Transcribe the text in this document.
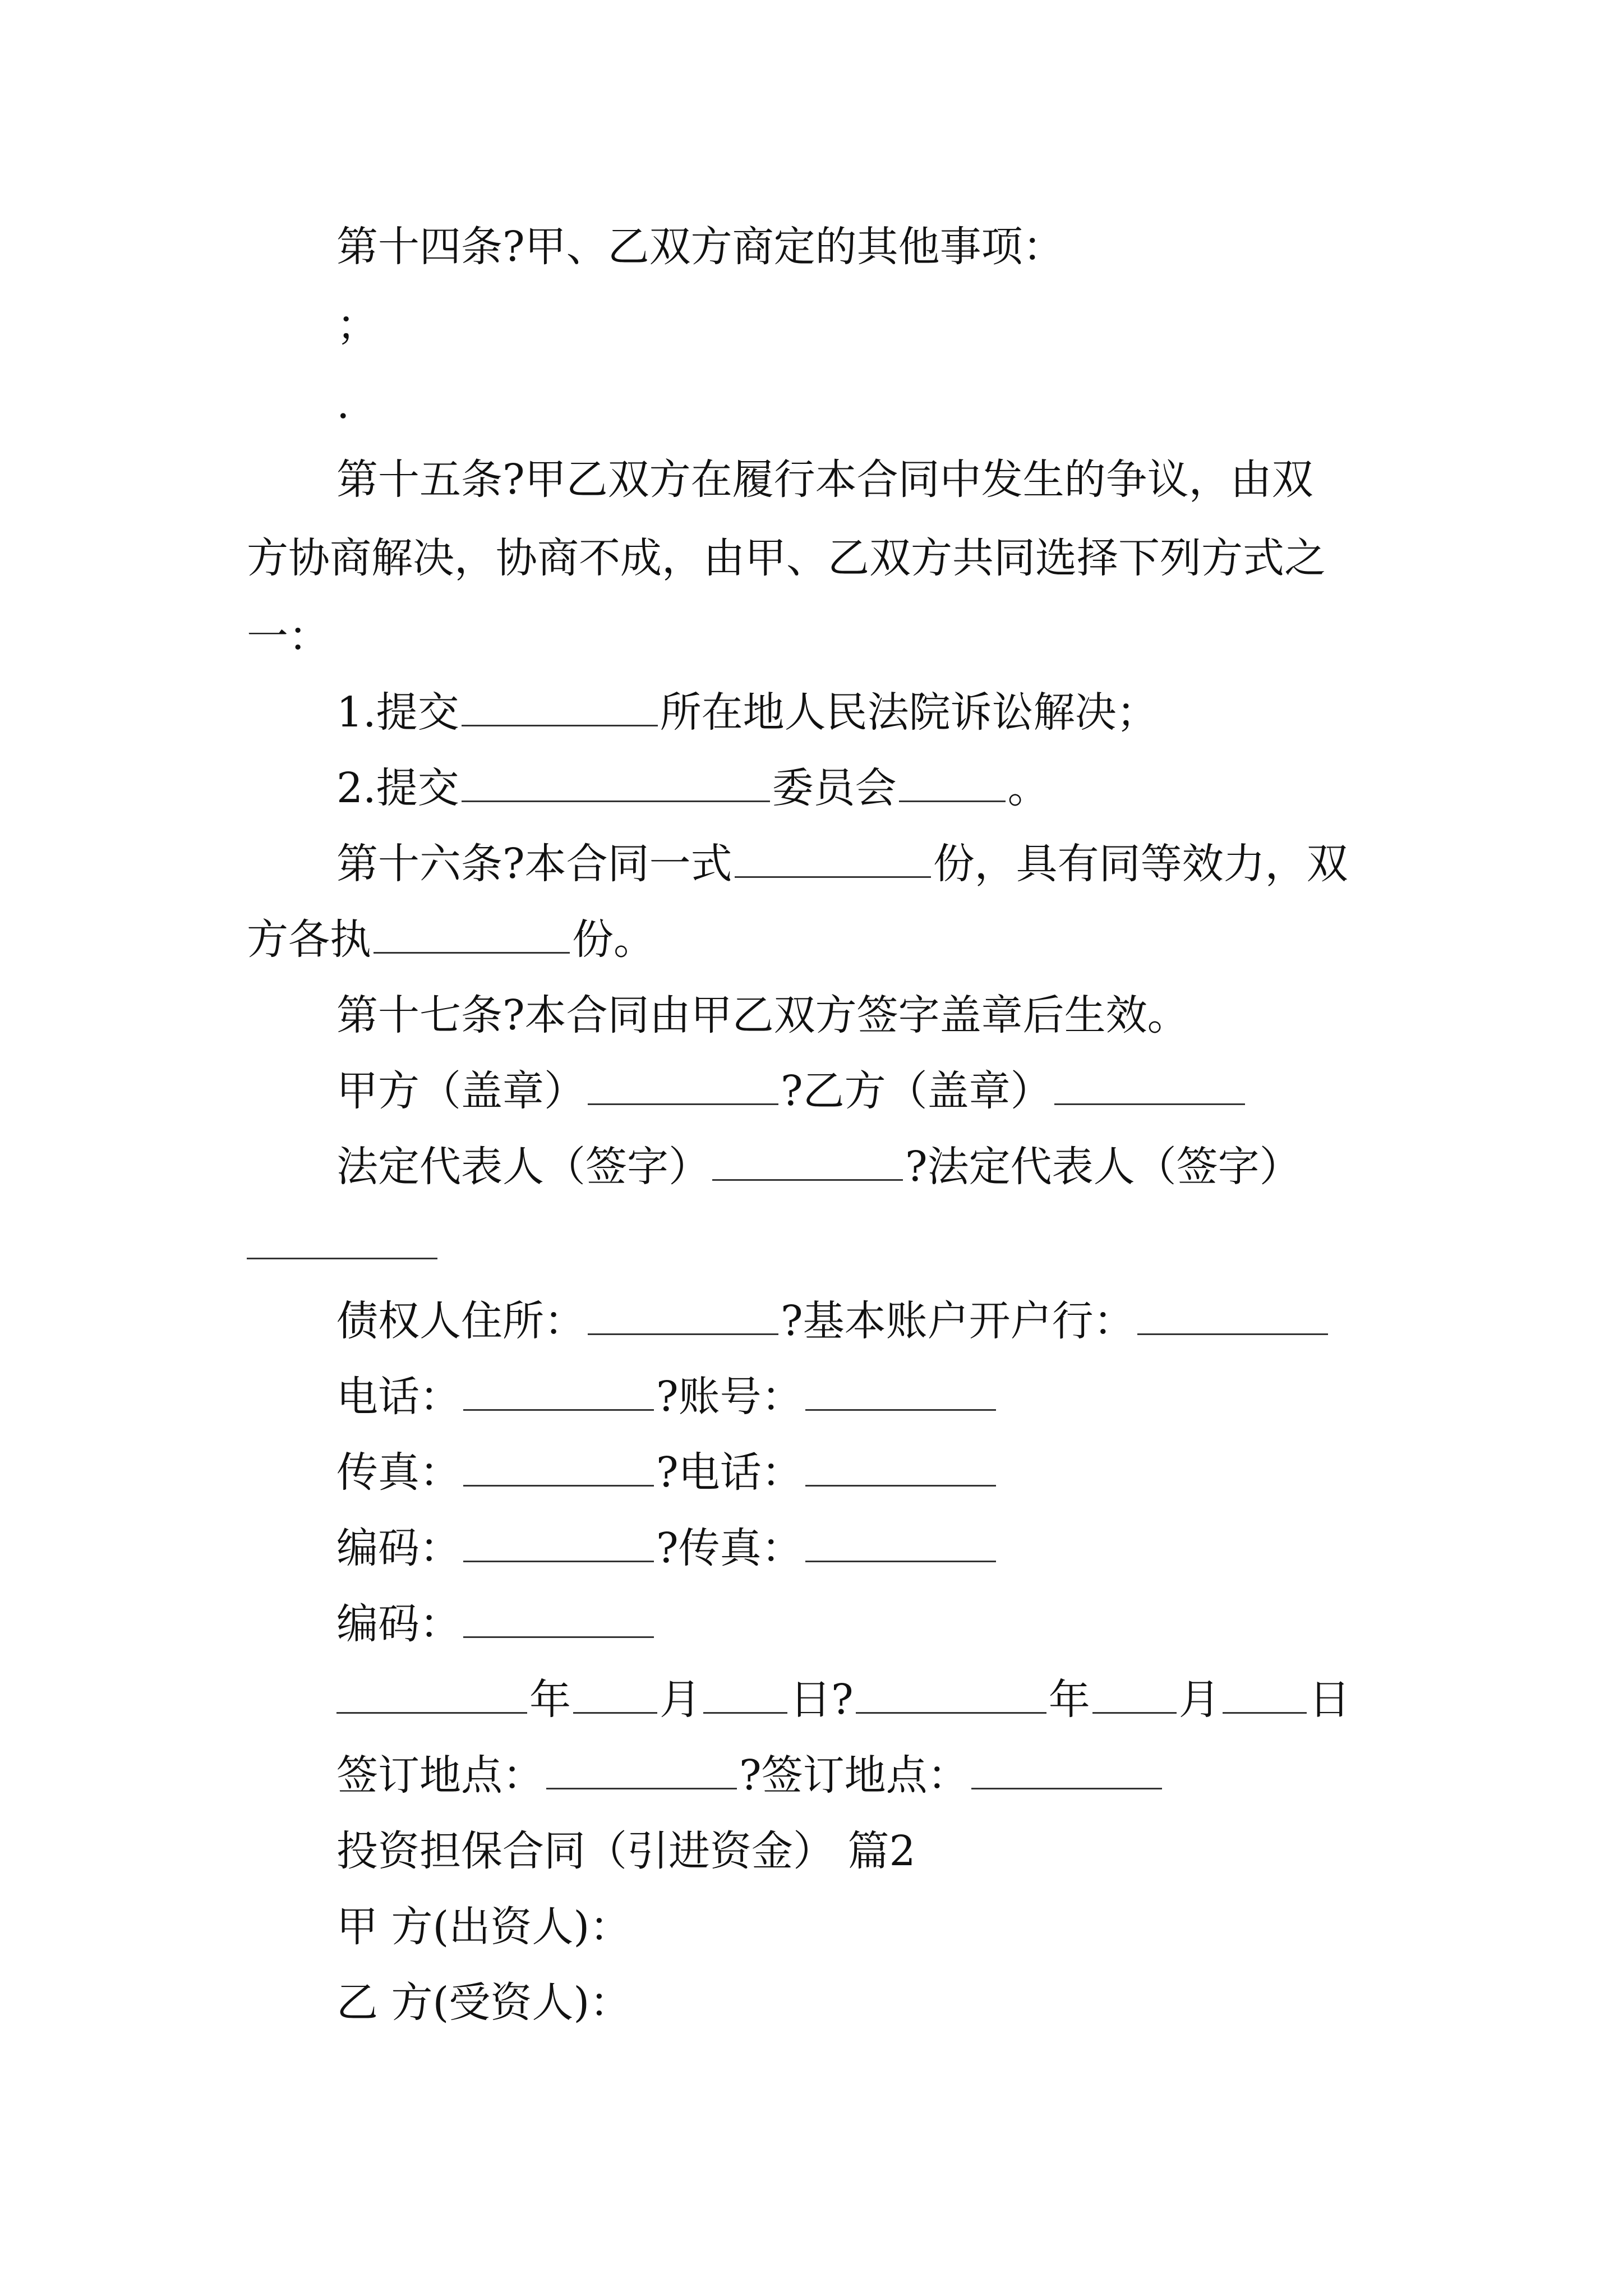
第十四条?甲、乙双方商定的其他事项：
；
.
第十五条?甲乙双方在履行本合同中发生的争议，由双
方协商解决，协商不成，由甲、乙双方共同选择下列方式之
一：
1.提交	所在地人民法院诉讼解决；
2.提交	委员会	。
第十六条?本合同一式	份，具有同等效力，双
方各执	份。
第十七条?本合同由甲乙双方签字盖章后生效。
甲方（盖章）	?乙方（盖章）
法定代表人（签字）	?法定代表人（签字）
债权人住所：	?基本账户开户行：
电话：	?账号：
传真：	?电话：
编码：	?传真：
编码：
年 月 日?	年 月 日
签订地点：	?签订地点：
投资担保合同（引进资金） 篇2
甲 方(出资人)：
乙 方(受资人)：
